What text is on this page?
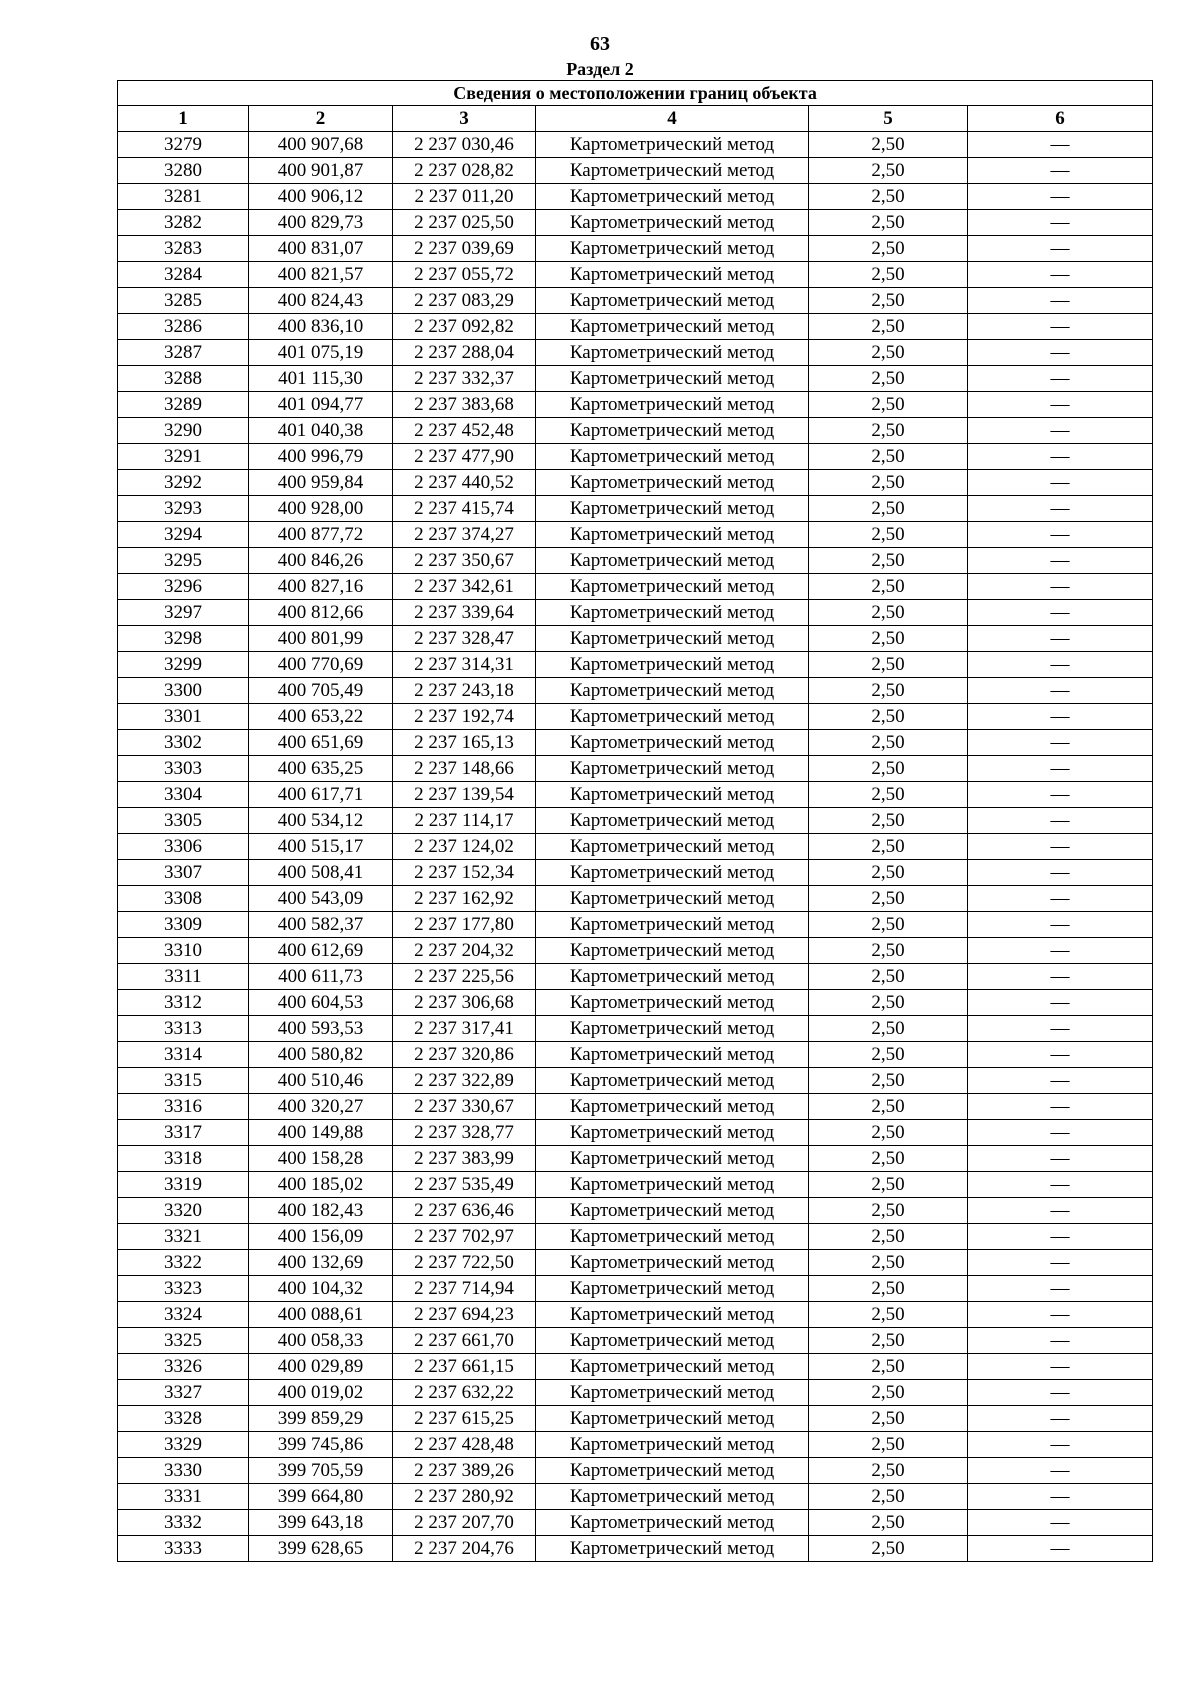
63
Раздел 2
Сведения о местоположении границ объекта					
1	2	3	4	5	6
3279	400 907,68	2 237 030,46	Картометрический метод	2,50	—
3280	400 901,87	2 237 028,82	Картометрический метод	2,50	—
3281	400 906,12	2 237 011,20	Картометрический метод	2,50	—
3282	400 829,73	2 237 025,50	Картометрический метод	2,50	—
3283	400 831,07	2 237 039,69	Картометрический метод	2,50	—
3284	400 821,57	2 237 055,72	Картометрический метод	2,50	—
3285	400 824,43	2 237 083,29	Картометрический метод	2,50	—
3286	400 836,10	2 237 092,82	Картометрический метод	2,50	—
3287	401 075,19	2 237 288,04	Картометрический метод	2,50	—
3288	401 115,30	2 237 332,37	Картометрический метод	2,50	—
3289	401 094,77	2 237 383,68	Картометрический метод	2,50	—
3290	401 040,38	2 237 452,48	Картометрический метод	2,50	—
3291	400 996,79	2 237 477,90	Картометрический метод	2,50	—
3292	400 959,84	2 237 440,52	Картометрический метод	2,50	—
3293	400 928,00	2 237 415,74	Картометрический метод	2,50	—
3294	400 877,72	2 237 374,27	Картометрический метод	2,50	—
3295	400 846,26	2 237 350,67	Картометрический метод	2,50	—
3296	400 827,16	2 237 342,61	Картометрический метод	2,50	—
3297	400 812,66	2 237 339,64	Картометрический метод	2,50	—
3298	400 801,99	2 237 328,47	Картометрический метод	2,50	—
3299	400 770,69	2 237 314,31	Картометрический метод	2,50	—
3300	400 705,49	2 237 243,18	Картометрический метод	2,50	—
3301	400 653,22	2 237 192,74	Картометрический метод	2,50	—
3302	400 651,69	2 237 165,13	Картометрический метод	2,50	—
3303	400 635,25	2 237 148,66	Картометрический метод	2,50	—
3304	400 617,71	2 237 139,54	Картометрический метод	2,50	—
3305	400 534,12	2 237 114,17	Картометрический метод	2,50	—
3306	400 515,17	2 237 124,02	Картометрический метод	2,50	—
3307	400 508,41	2 237 152,34	Картометрический метод	2,50	—
3308	400 543,09	2 237 162,92	Картометрический метод	2,50	—
3309	400 582,37	2 237 177,80	Картометрический метод	2,50	—
3310	400 612,69	2 237 204,32	Картометрический метод	2,50	—
3311	400 611,73	2 237 225,56	Картометрический метод	2,50	—
3312	400 604,53	2 237 306,68	Картометрический метод	2,50	—
3313	400 593,53	2 237 317,41	Картометрический метод	2,50	—
3314	400 580,82	2 237 320,86	Картометрический метод	2,50	—
3315	400 510,46	2 237 322,89	Картометрический метод	2,50	—
3316	400 320,27	2 237 330,67	Картометрический метод	2,50	—
3317	400 149,88	2 237 328,77	Картометрический метод	2,50	—
3318	400 158,28	2 237 383,99	Картометрический метод	2,50	—
3319	400 185,02	2 237 535,49	Картометрический метод	2,50	—
3320	400 182,43	2 237 636,46	Картометрический метод	2,50	—
3321	400 156,09	2 237 702,97	Картометрический метод	2,50	—
3322	400 132,69	2 237 722,50	Картометрический метод	2,50	—
3323	400 104,32	2 237 714,94	Картометрический метод	2,50	—
3324	400 088,61	2 237 694,23	Картометрический метод	2,50	—
3325	400 058,33	2 237 661,70	Картометрический метод	2,50	—
3326	400 029,89	2 237 661,15	Картометрический метод	2,50	—
3327	400 019,02	2 237 632,22	Картометрический метод	2,50	—
3328	399 859,29	2 237 615,25	Картометрический метод	2,50	—
3329	399 745,86	2 237 428,48	Картометрический метод	2,50	—
3330	399 705,59	2 237 389,26	Картометрический метод	2,50	—
3331	399 664,80	2 237 280,92	Картометрический метод	2,50	—
3332	399 643,18	2 237 207,70	Картометрический метод	2,50	—
3333	399 628,65	2 237 204,76	Картометрический метод	2,50	—
